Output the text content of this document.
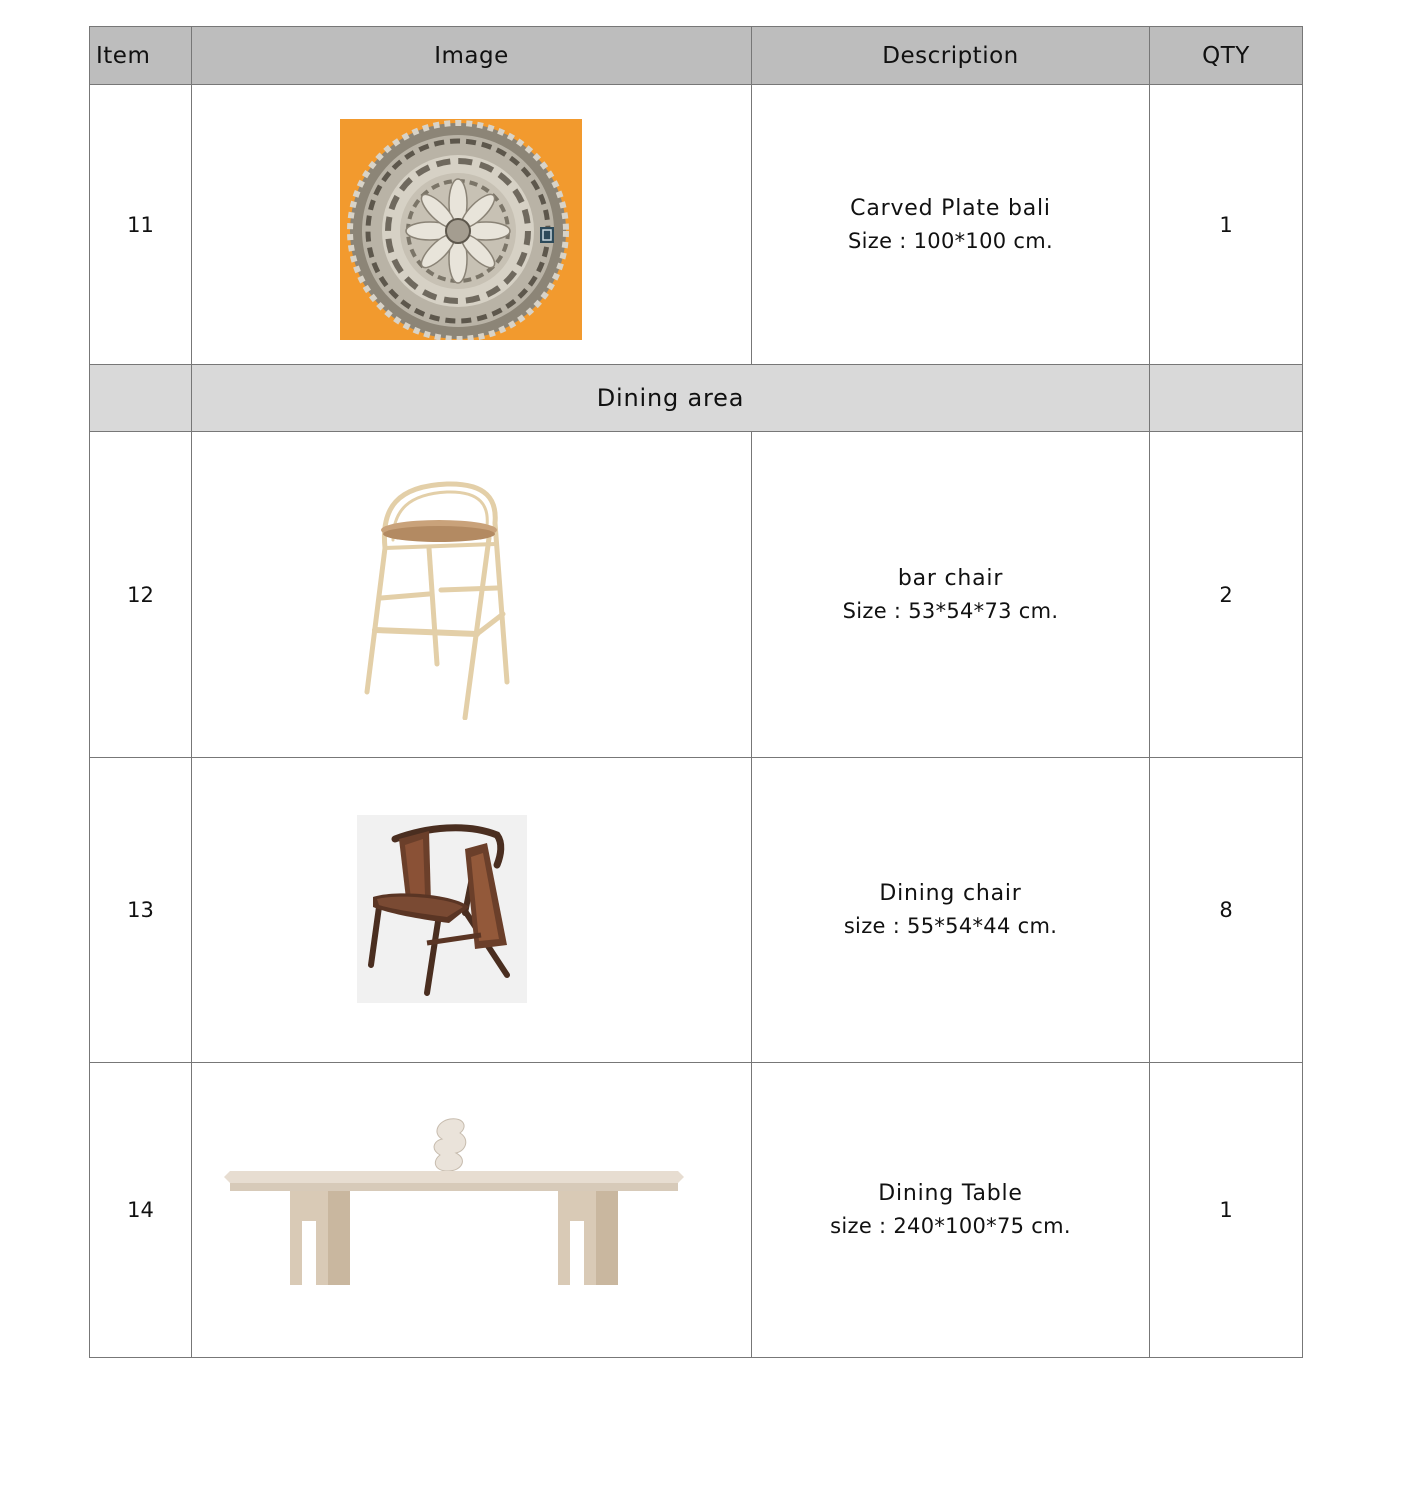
Item	Image	Description	QTY
11		Carved Plate bali
Size : 100*100 cm.	1
	Dining area		
12		bar chair
Size : 53*54*73 cm.	2
13		Dining chair
size : 55*54*44 cm.	8
14		Dining Table
size : 240*100*75 cm.	1
